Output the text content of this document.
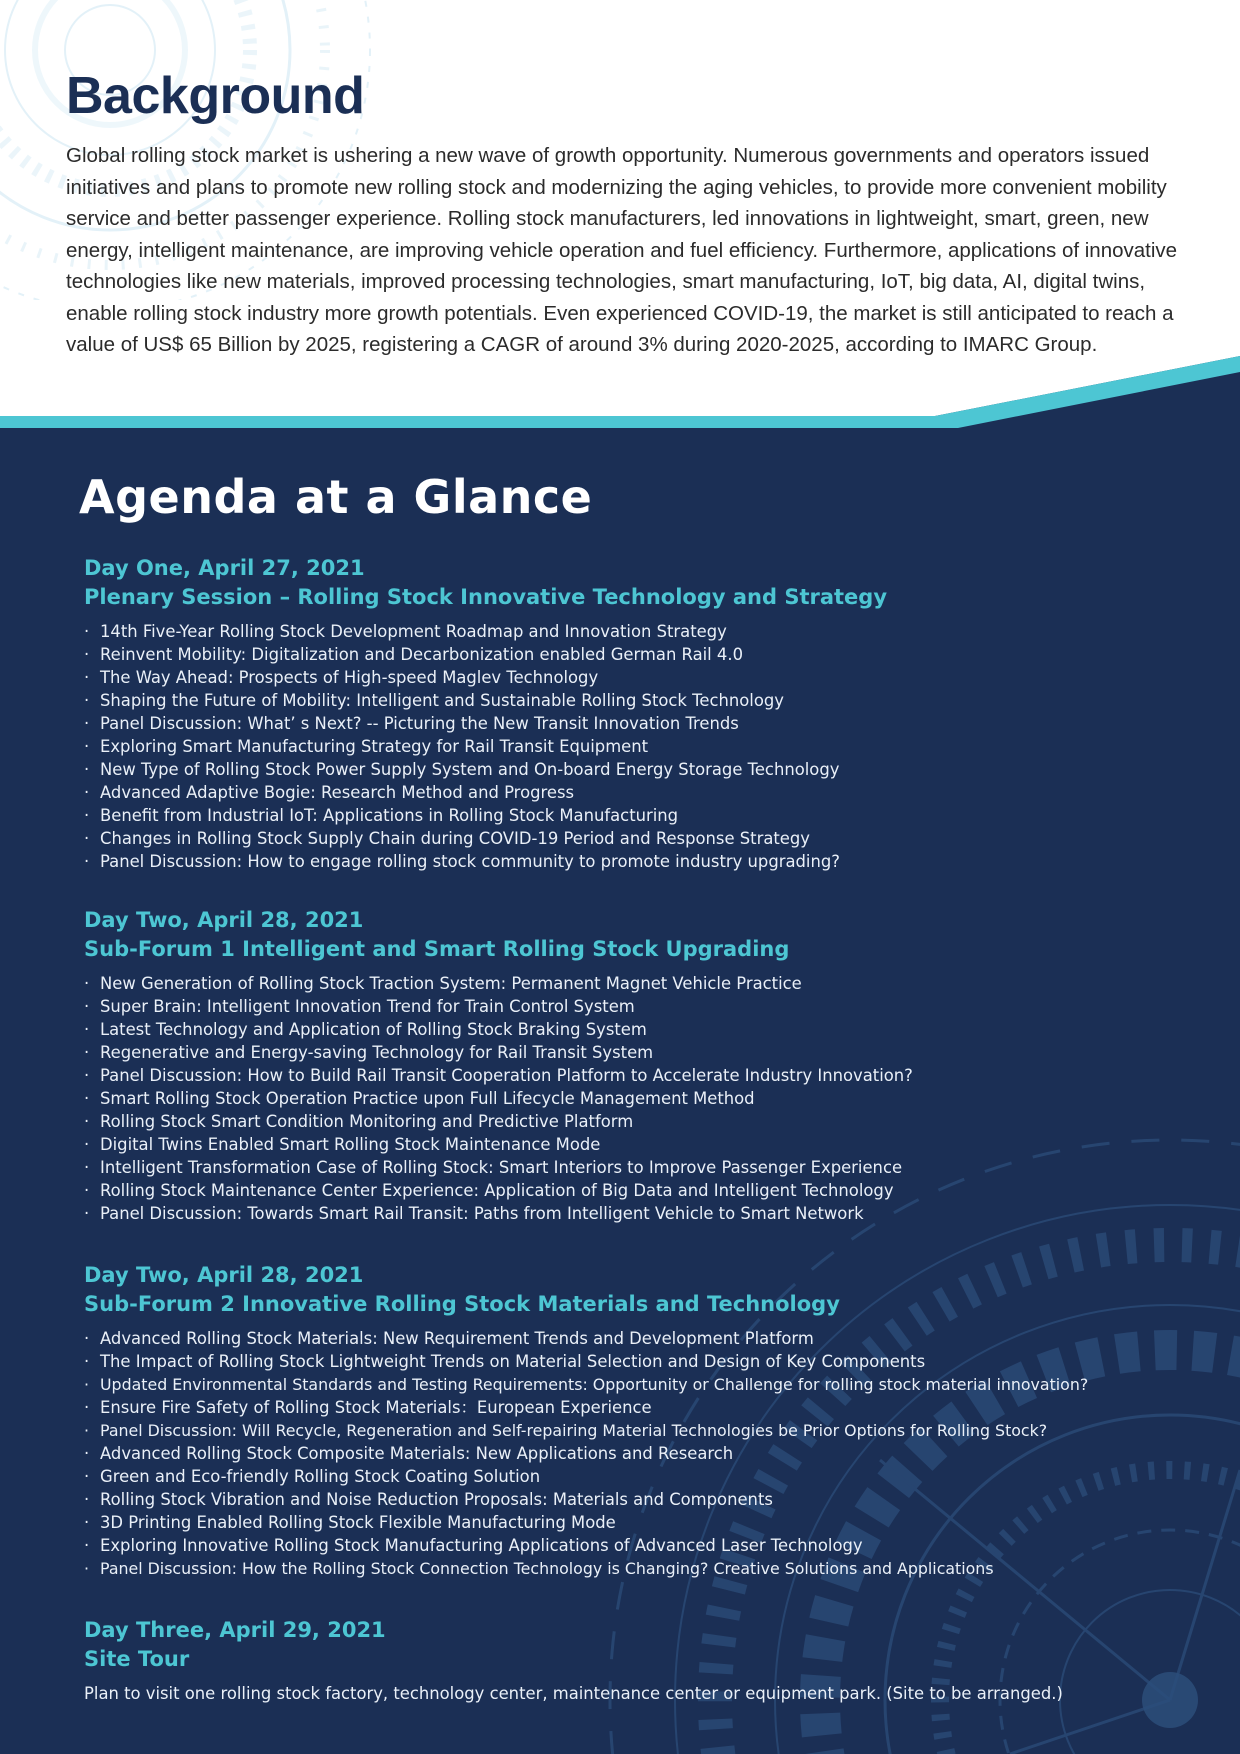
Background

Global rolling stock market is ushering a new wave of growth opportunity. Numerous governments and operators issued initiatives and plans to promote new rolling stock and modernizing the aging vehicles, to provide more convenient mobility service and better passenger experience. Rolling stock manufacturers, led innovations in lightweight, smart, green, new energy, intelligent maintenance, are improving vehicle operation and fuel efficiency. Furthermore, applications of innovative technologies like new materials, improved processing technologies, smart manufacturing, IoT, big data, AI, digital twins, enable rolling stock industry more growth potentials. Even experienced COVID-19, the market is still anticipated to reach a value of US$ 65 Billion by 2025, registering a CAGR of around 3% during 2020-2025, according to IMARC Group.

Agenda at a Glance
Day One, April 27, 2021
Plenary Session – Rolling Stock Innovative Technology and Strategy
· 14th Five-Year Rolling Stock Development Roadmap and Innovation Strategy
· Reinvent Mobility: Digitalization and Decarbonization enabled German Rail 4.0
· The Way Ahead: Prospects of High-speed Maglev Technology
· Shaping the Future of Mobility: Intelligent and Sustainable Rolling Stock Technology
· Panel Discussion: What’ s Next? -- Picturing the New Transit Innovation Trends
· Exploring Smart Manufacturing Strategy for Rail Transit Equipment
· New Type of Rolling Stock Power Supply System and On-board Energy Storage Technology
· Advanced Adaptive Bogie: Research Method and Progress
· Benefit from Industrial IoT: Applications in Rolling Stock Manufacturing
· Changes in Rolling Stock Supply Chain during COVID-19 Period and Response Strategy
· Panel Discussion: How to engage rolling stock community to promote industry upgrading?
Day Two, April 28, 2021
Sub-Forum 1 Intelligent and Smart Rolling Stock Upgrading
· New Generation of Rolling Stock Traction System: Permanent Magnet Vehicle Practice
· Super Brain: Intelligent Innovation Trend for Train Control System
· Latest Technology and Application of Rolling Stock Braking System
· Regenerative and Energy-saving Technology for Rail Transit System
· Panel Discussion: How to Build Rail Transit Cooperation Platform to Accelerate Industry Innovation?
· Smart Rolling Stock Operation Practice upon Full Lifecycle Management Method
· Rolling Stock Smart Condition Monitoring and Predictive Platform
· Digital Twins Enabled Smart Rolling Stock Maintenance Mode
· Intelligent Transformation Case of Rolling Stock: Smart Interiors to Improve Passenger Experience
· Rolling Stock Maintenance Center Experience: Application of Big Data and Intelligent Technology
· Panel Discussion: Towards Smart Rail Transit: Paths from Intelligent Vehicle to Smart Network
Day Two, April 28, 2021
Sub-Forum 2 Innovative Rolling Stock Materials and Technology
· Advanced Rolling Stock Materials: New Requirement Trends and Development Platform
· The Impact of Rolling Stock Lightweight Trends on Material Selection and Design of Key Components
· Updated Environmental Standards and Testing Requirements: Opportunity or Challenge for rolling stock material innovation?
· Ensure Fire Safety of Rolling Stock Materials：European Experience
· Panel Discussion: Will Recycle, Regeneration and Self-repairing Material Technologies be Prior Options for Rolling Stock?
· Advanced Rolling Stock Composite Materials: New Applications and Research
· Green and Eco-friendly Rolling Stock Coating Solution
· Rolling Stock Vibration and Noise Reduction Proposals: Materials and Components
· 3D Printing Enabled Rolling Stock Flexible Manufacturing Mode
· Exploring Innovative Rolling Stock Manufacturing Applications of Advanced Laser Technology
· Panel Discussion: How the Rolling Stock Connection Technology is Changing? Creative Solutions and Applications
Day Three, April 29, 2021
Site Tour
Plan to visit one rolling stock factory, technology center, maintenance center or equipment park. (Site to be arranged.)
